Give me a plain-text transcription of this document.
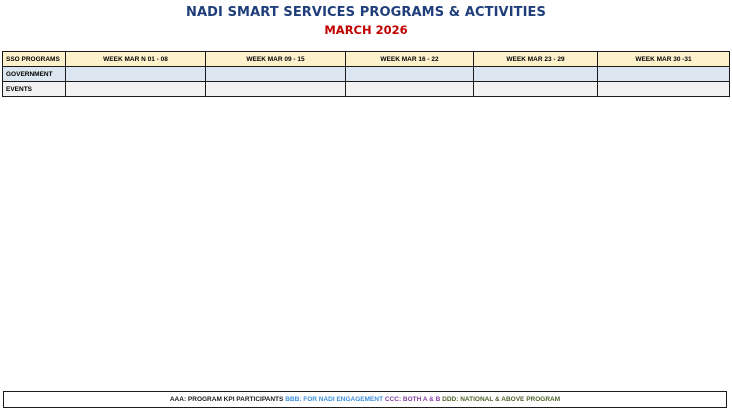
NADI SMART SERVICES PROGRAMS & ACTIVITIES
MARCH 2026
SSO PROGRAMS	WEEK MAR N 01 - 08	WEEK MAR 09 - 15	WEEK MAR 16 - 22	WEEK MAR 23 - 29	WEEK MAR 30 -31
GOVERNMENT					
EVENTS					
AAA: PROGRAM KPI PARTICIPANTS BBB: FOR NADI ENGAGEMENT CCC: BOTH A & B DDD: NATIONAL & ABOVE PROGRAM
